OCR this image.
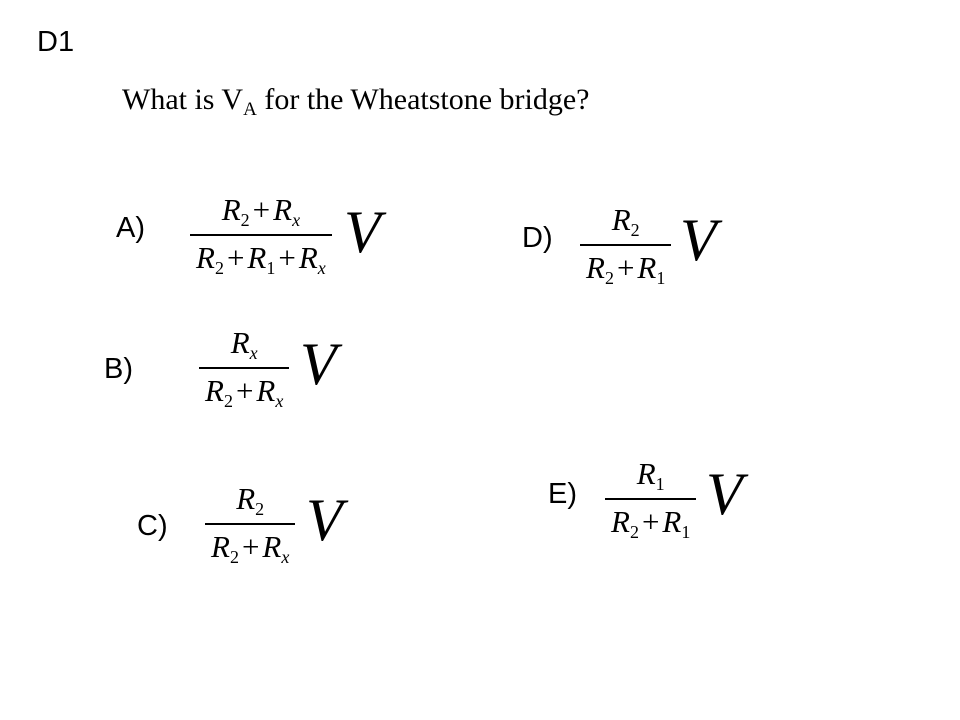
D1
What is $V_A$ for the Wheatstone bridge?
A)
$R_2+R_x$
$R_2+R_1+R_x$
V	D)
$R_2$
$R_2+R_1$
V
B)
$R_x$
$R_2+R_x$
V
E)
$R_1$
$R_2+R_1$
V
C)
$R_2$
$R_2+R_x$
V
